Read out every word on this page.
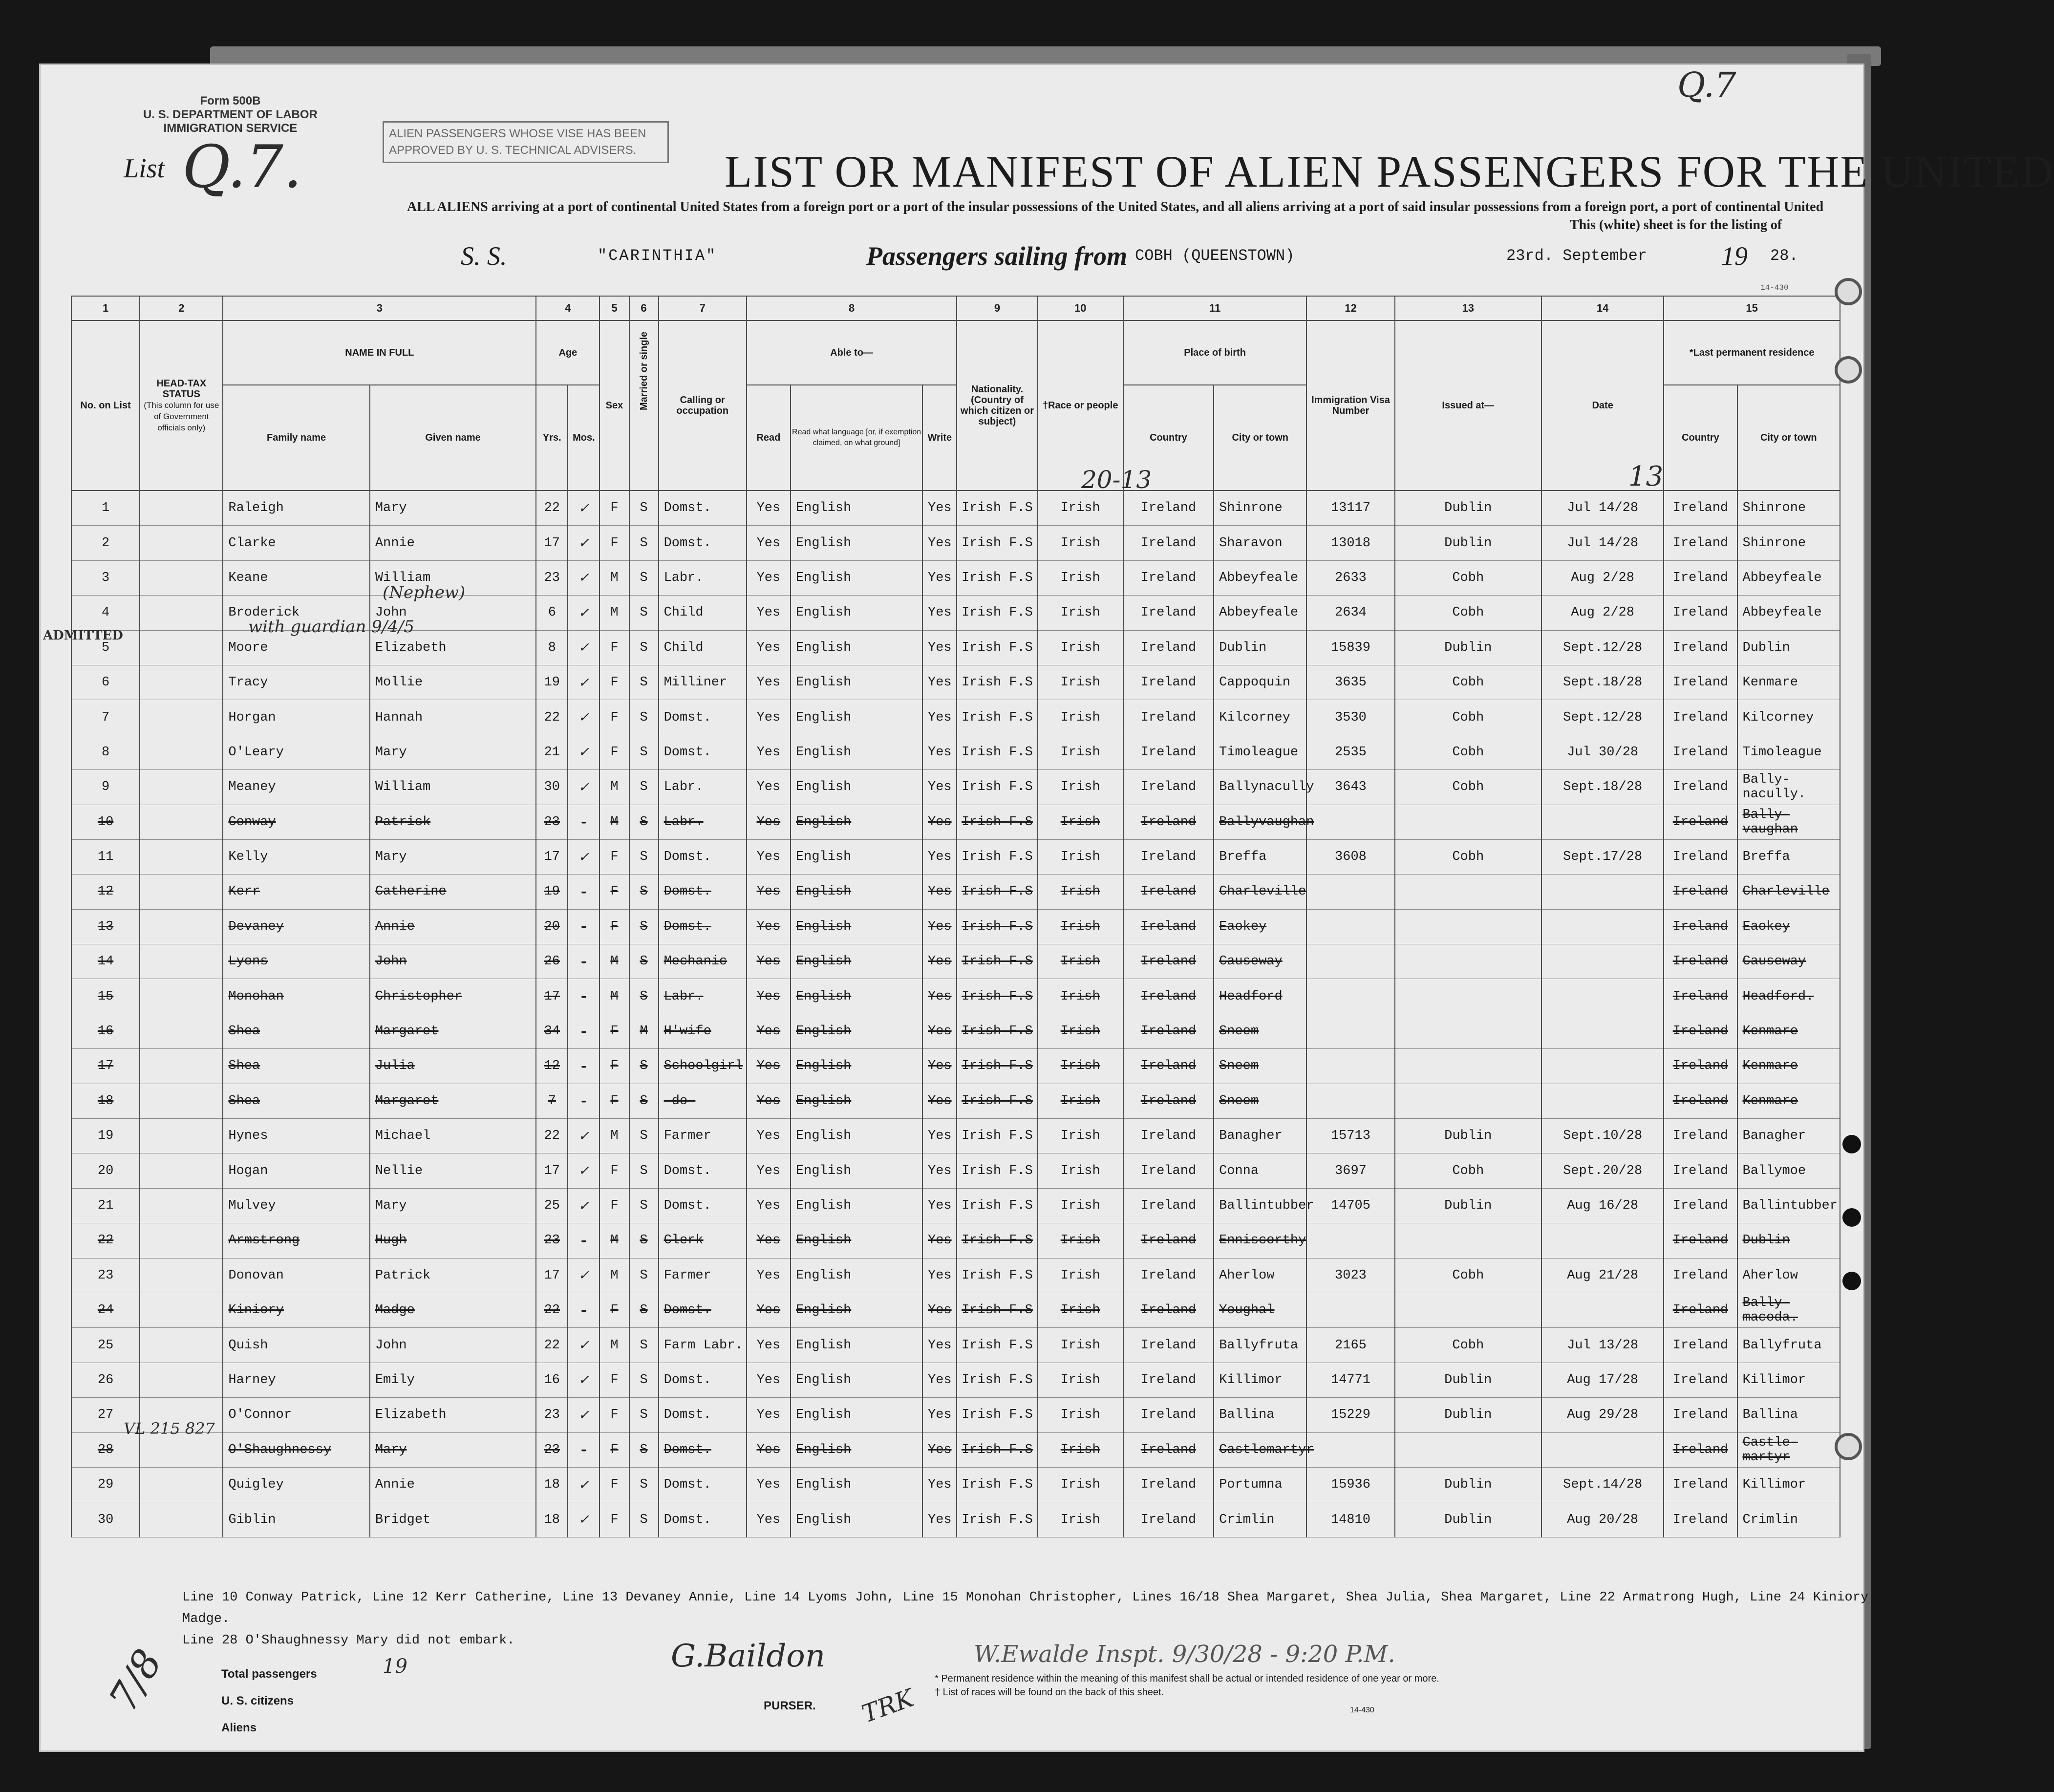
Form 500B
U. S. DEPARTMENT OF LABOR
IMMIGRATION SERVICE	ALIEN PASSENGERS WHOSE VISE HAS BEEN APPROVED BY U. S. TECHNICAL ADVISERS.
List Q.7.	LIST OR MANIFEST OF ALIEN PASSENGERS FOR THE UNITED
ALL ALIENS arriving at a port of continental United States from a foreign port or a port of the insular possessions of the United States, and all aliens arriving at a port of said insular possessions from a foreign port, a port of continental United
This (white) sheet is for the listing of
S. S.	"CARINTHIA"	Passengers sailing from COBH (QUEENSTOWN)	23rd. September	19 28.
14-430
Q.7
1	2	3		4		5	6	7	8			9	10	11		12	13	14	15	
No. on List	HEAD-TAX STATUS
(This column for use of Government officials only)	NAME IN FULL		Age		Sex	Married or single	Calling or occupation	Able to—			Nationality. (Country of which citizen or subject)	†Race or people	Place of birth		Immigration Visa Number	Issued at—	Date	*Last permanent residence	
		Family name	Given name	Yrs.	Mos.				Read	Read what language [or, if exemption claimed, on what ground]	Write			Country	City or town				Country	City or town
1		Raleigh	Mary	22	✓	F	S	Domst.	Yes	English	Yes	Irish F.S	Irish	Ireland	Shinrone	13117	Dublin	Jul 14/28	Ireland	Shinrone
2		Clarke	Annie	17	✓	F	S	Domst.	Yes	English	Yes	Irish F.S	Irish	Ireland	Sharavon	13018	Dublin	Jul 14/28	Ireland	Shinrone
3		Keane	William	23	✓	M	S	Labr.	Yes	English	Yes	Irish F.S	Irish	Ireland	Abbeyfeale	2633	Cobh	Aug 2/28	Ireland	Abbeyfeale
4		Broderick	John	6	✓	M	S	Child	Yes	English	Yes	Irish F.S	Irish	Ireland	Abbeyfeale	2634	Cobh	Aug 2/28	Ireland	Abbeyfeale
5		Moore	Elizabeth	8	✓	F	S	Child	Yes	English	Yes	Irish F.S	Irish	Ireland	Dublin	15839	Dublin	Sept.12/28	Ireland	Dublin
6		Tracy	Mollie	19	✓	F	S	Milliner	Yes	English	Yes	Irish F.S	Irish	Ireland	Cappoquin	3635	Cobh	Sept.18/28	Ireland	Kenmare
7		Horgan	Hannah	22	✓	F	S	Domst.	Yes	English	Yes	Irish F.S	Irish	Ireland	Kilcorney	3530	Cobh	Sept.12/28	Ireland	Kilcorney
8		O'Leary	Mary	21	✓	F	S	Domst.	Yes	English	Yes	Irish F.S	Irish	Ireland	Timoleague	2535	Cobh	Jul 30/28	Ireland	Timoleague
9		Meaney	William	30	✓	M	S	Labr.	Yes	English	Yes	Irish F.S	Irish	Ireland	Ballynacully	3643	Cobh	Sept.18/28	Ireland	Bally-nacully.
10		Conway	Patrick	23	-	M	S	Labr.	Yes	English	Yes	Irish F.S	Irish	Ireland	Ballyvaughan				Ireland	Bally-vaughan
11		Kelly	Mary	17	✓	F	S	Domst.	Yes	English	Yes	Irish F.S	Irish	Ireland	Breffa	3608	Cobh	Sept.17/28	Ireland	Breffa
12		Kerr	Catherine	19	-	F	S	Domst.	Yes	English	Yes	Irish F.S	Irish	Ireland	Charleville				Ireland	Charleville
13		Devaney	Annie	20	-	F	S	Domst.	Yes	English	Yes	Irish F.S	Irish	Ireland	Eaokey				Ireland	Eaokey
14		Lyons	John	26	-	M	S	Mechanic	Yes	English	Yes	Irish F.S	Irish	Ireland	Causeway				Ireland	Causeway
15		Monohan	Christopher	17	-	M	S	Labr.	Yes	English	Yes	Irish F.S	Irish	Ireland	Headford				Ireland	Headford.
16		Shea	Margaret	34	-	F	M	H'wife	Yes	English	Yes	Irish F.S	Irish	Ireland	Sneem				Ireland	Kenmare
17		Shea	Julia	12	-	F	S	Schoolgirl	Yes	English	Yes	Irish F.S	Irish	Ireland	Sneem				Ireland	Kenmare
18		Shea	Margaret	7	-	F	S	-do-	Yes	English	Yes	Irish F.S	Irish	Ireland	Sneem				Ireland	Kenmare
19		Hynes	Michael	22	✓	M	S	Farmer	Yes	English	Yes	Irish F.S	Irish	Ireland	Banagher	15713	Dublin	Sept.10/28	Ireland	Banagher
20		Hogan	Nellie	17	✓	F	S	Domst.	Yes	English	Yes	Irish F.S	Irish	Ireland	Conna	3697	Cobh	Sept.20/28	Ireland	Ballymoe
21		Mulvey	Mary	25	✓	F	S	Domst.	Yes	English	Yes	Irish F.S	Irish	Ireland	Ballintubber	14705	Dublin	Aug 16/28	Ireland	Ballintubber
22		Armstrong	Hugh	23	-	M	S	Clerk	Yes	English	Yes	Irish F.S	Irish	Ireland	Enniscorthy				Ireland	Dublin
23		Donovan	Patrick	17	✓	M	S	Farmer	Yes	English	Yes	Irish F.S	Irish	Ireland	Aherlow	3023	Cobh	Aug 21/28	Ireland	Aherlow
24		Kiniory	Madge	22	-	F	S	Domst.	Yes	English	Yes	Irish F.S	Irish	Ireland	Youghal				Ireland	Bally-macoda.
25		Quish	John	22	✓	M	S	Farm Labr.	Yes	English	Yes	Irish F.S	Irish	Ireland	Ballyfruta	2165	Cobh	Jul 13/28	Ireland	Ballyfruta
26		Harney	Emily	16	✓	F	S	Domst.	Yes	English	Yes	Irish F.S	Irish	Ireland	Killimor	14771	Dublin	Aug 17/28	Ireland	Killimor
27		O'Connor	Elizabeth	23	✓	F	S	Domst.	Yes	English	Yes	Irish F.S	Irish	Ireland	Ballina	15229	Dublin	Aug 29/28	Ireland	Ballina
28		O'Shaughnessy	Mary	23	-	F	S	Domst.	Yes	English	Yes	Irish F.S	Irish	Ireland	Castlemartyr				Ireland	Castle-martyr
29		Quigley	Annie	18	✓	F	S	Domst.	Yes	English	Yes	Irish F.S	Irish	Ireland	Portumna	15936	Dublin	Sept.14/28	Ireland	Killimor
30		Giblin	Bridget	18	✓	F	S	Domst.	Yes	English	Yes	Irish F.S	Irish	Ireland	Crimlin	14810	Dublin	Aug 20/28	Ireland	Crimlin
ADMITTED	with guardian 9/4/5
(Nephew)
20-13	13
VL 215 827
Line 10 Conway Patrick, Line 12 Kerr Catherine, Line 13 Devaney Annie, Line 14 Lyoms John, Line 15 Monohan Christopher, Lines 16/18 Shea Margaret, Shea Julia, Shea Margaret, Line 22 Armatrong Hugh, Line 24 Kiniory Madge.
Line 28 O'Shaughnessy Mary did not embark.
Total passengers	19
U. S. citizens
Aliens
G.Baildon
PURSER. TRK
W.Ewalde Inspt. 9/30/28 - 9:20 P.M.
* Permanent residence within the meaning of this manifest shall be actual or intended residence of one year or more.
† List of races will be found on the back of this sheet.
14-430
7/8
